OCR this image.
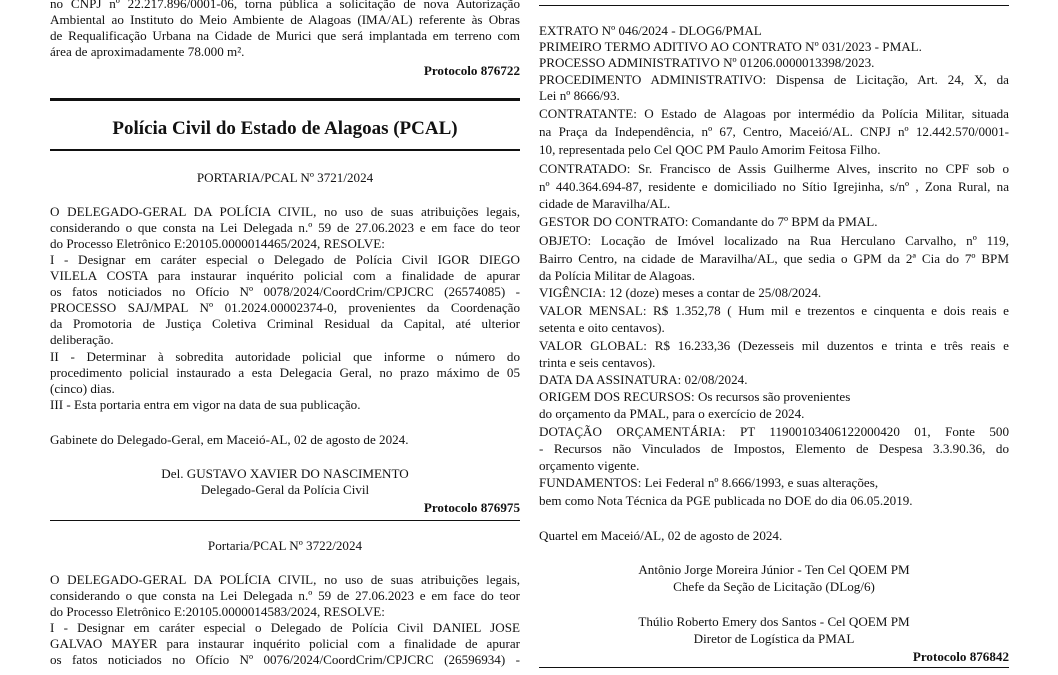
no CNPJ nº 22.217.896/0001-06, torna pública a solicitação de nova Autorização
Ambiental ao Instituto do Meio Ambiente de Alagoas (IMA/AL) referente às Obras
de Requalificação Urbana na Cidade de Murici que será implantada em terreno com
área de aproximadamente 78.000 m².
Protocolo 876722
Polícia Civil do Estado de Alagoas (PCAL)
PORTARIA/PCAL Nº 3721/2024
O DELEGADO-GERAL DA POLÍCIA CIVIL, no uso de suas atribuições legais,
considerando o que consta na Lei Delegada n.º 59 de 27.06.2023 e em face do teor
do Processo Eletrônico E:20105.0000014465/2024, RESOLVE:
I - Designar em caráter especial o Delegado de Polícia Civil IGOR DIEGO
VILELA COSTA para instaurar inquérito policial com a finalidade de apurar
os fatos noticiados no Ofício Nº 0078/2024/CoordCrim/CPJCRC (26574085) -
PROCESSO SAJ/MPAL Nº 01.2024.00002374-0, provenientes da Coordenação
da Promotoria de Justiça Coletiva Criminal Residual da Capital, até ulterior
deliberação.
II - Determinar à sobredita autoridade policial que informe o número do
procedimento policial instaurado a esta Delegacia Geral, no prazo máximo de 05
(cinco) dias.
III - Esta portaria entra em vigor na data de sua publicação.
Gabinete do Delegado-Geral, em Maceió-AL, 02 de agosto de 2024.
Del. GUSTAVO XAVIER DO NASCIMENTO
Delegado-Geral da Polícia Civil
Protocolo 876975
Portaria/PCAL Nº 3722/2024
O DELEGADO-GERAL DA POLÍCIA CIVIL, no uso de suas atribuições legais,
considerando o que consta na Lei Delegada n.º 59 de 27.06.2023 e em face do teor
do Processo Eletrônico E:20105.0000014583/2024, RESOLVE:
I - Designar em caráter especial o Delegado de Polícia Civil DANIEL JOSE
GALVAO MAYER para instaurar inquérito policial com a finalidade de apurar
os fatos noticiados no Ofício Nº 0076/2024/CoordCrim/CPJCRC (26596934) -
EXTRATO Nº 046/2024 - DLOG6/PMAL
PRIMEIRO TERMO ADITIVO AO CONTRATO Nº 031/2023 - PMAL.
PROCESSO ADMINISTRATIVO Nº 01206.0000013398/2023.
PROCEDIMENTO ADMINISTRATIVO: Dispensa de Licitação, Art. 24, X, da
Lei nº 8666/93.
CONTRATANTE: O Estado de Alagoas por intermédio da Polícia Militar, situada
na Praça da Independência, nº 67, Centro, Maceió/AL. CNPJ nº 12.442.570/0001-
10, representada pelo Cel QOC PM Paulo Amorim Feitosa Filho.
CONTRATADO: Sr. Francisco de Assis Guilherme Alves, inscrito no CPF sob o
nº 440.364.694-87, residente e domiciliado no Sítio Igrejinha, s/nº , Zona Rural, na
cidade de Maravilha/AL.
GESTOR DO CONTRATO: Comandante do 7º BPM da PMAL.
OBJETO: Locação de Imóvel localizado na Rua Herculano Carvalho, nº 119,
Bairro Centro, na cidade de Maravilha/AL, que sedia o GPM da 2ª Cia do 7º BPM
da Polícia Militar de Alagoas.
VIGÊNCIA: 12 (doze) meses a contar de 25/08/2024.
VALOR MENSAL: R$ 1.352,78 ( Hum mil e trezentos e cinquenta e dois reais e
setenta e oito centavos).
VALOR GLOBAL: R$ 16.233,36 (Dezesseis mil duzentos e trinta e três reais e
trinta e seis centavos).
DATA DA ASSINATURA: 02/08/2024.
ORIGEM DOS RECURSOS: Os recursos são provenientes
do orçamento da PMAL, para o exercício de 2024.
DOTAÇÃO ORÇAMENTÁRIA: PT 11900103406122000420 01, Fonte 500
- Recursos não Vinculados de Impostos, Elemento de Despesa 3.3.90.36, do
orçamento vigente.
FUNDAMENTOS: Lei Federal nº 8.666/1993, e suas alterações,
bem como Nota Técnica da PGE publicada no DOE do dia 06.05.2019.
Quartel em Maceió/AL, 02 de agosto de 2024.
Antônio Jorge Moreira Júnior - Ten Cel QOEM PM
Chefe da Seção de Licitação (DLog/6)
Thúlio Roberto Emery dos Santos - Cel QOEM PM
Diretor de Logística da PMAL
Protocolo 876842
